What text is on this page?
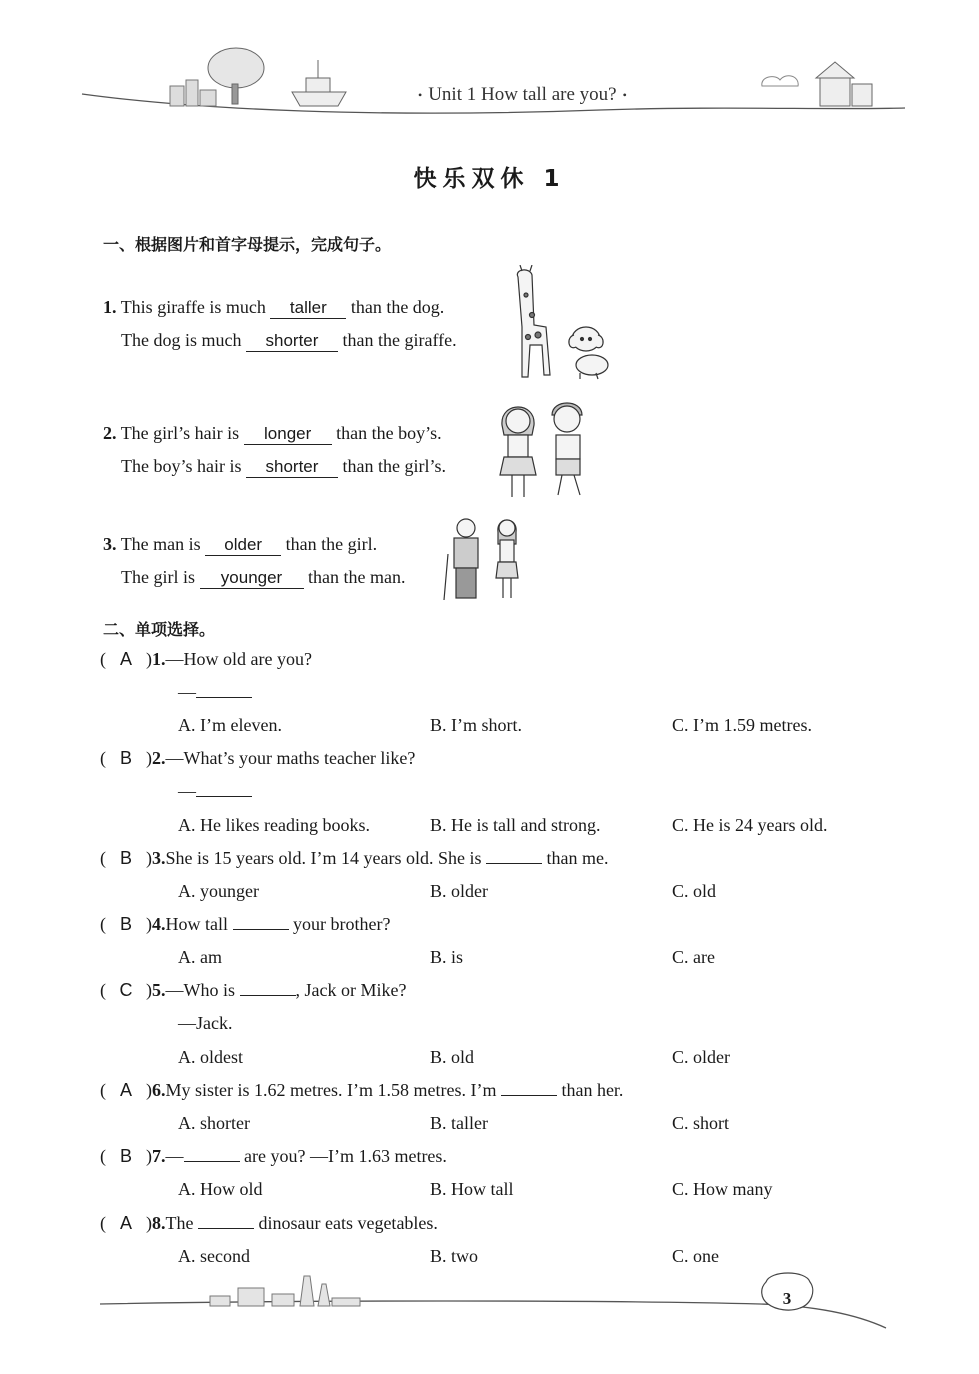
• Unit 1 How tall are you? •
快乐双休 1
一、根据图片和首字母提示，完成句子。
1. This giraffe is much taller than the dog.
The dog is much shorter than the giraffe.
2. The girl’s hair is longer than the boy’s.
The boy’s hair is shorter than the girl’s.
3. The man is older than the girl.
The girl is younger than the man.
二、单项选择。
( A )1.—How old are you?
—
A. I’m eleven.	B. I’m short.	C. I’m 1.59 metres.
( B )2.—What’s your maths teacher like?
—
A. He likes reading books.	B. He is tall and strong.	C. He is 24 years old.
( B )3.She is 15 years old. I’m 14 years old. She is	than me.
A. younger	B. older	C. old
( B )4.How tall	your brother?
A. am	B. is	C. are
( C )5.—Who is	, Jack or Mike?
—Jack.
A. oldest	B. old	C. older
( A )6.My sister is 1.62 metres. I’m 1.58 metres. I’m	than her.
A. shorter	B. taller	C. short
( B )7.—	are you? —I’m 1.63 metres.
A. How old	B. How tall	C. How many
( A )8.The	dinosaur eats vegetables.
A. second	B. two	C. one
3
